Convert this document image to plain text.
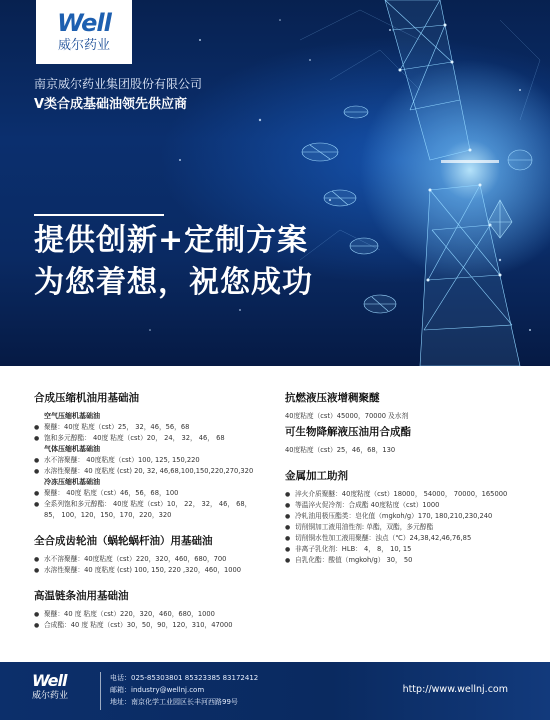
Well
威尔药业
南京威尔药业集团股份有限公司
V类合成基础油领先供应商
提供创新+定制方案
为您着想，祝您成功
合成压缩机油用基础油
空气压缩机基础油
● 聚醚：40度 粘度（cst）25， 32，46，56，68
● 饱和多元醇酯： 40度 粘度（cst）20， 24， 32， 46， 68
气体压缩机基础油
● 水不溶聚醚： 40度粘度（cst）100, 125, 150,220
● 水溶性聚醚：40 度粘度 (cst) 20, 32, 46,68,100,150,220,270,320
冷冻压缩机基础油
● 聚醚： 40度 粘度（cst）46，56，68，100
● 全系列饱和多元醇酯： 40度 粘度（cst）10， 22， 32， 46， 68，
85， 100，120，150，170，220，320
全合成齿轮油（蜗轮蜗杆油）用基础油
● 水不溶聚醚：40度粘度（cst）220，320，460，680，700
● 水溶性聚醚：40 度粘度 (cst) 100, 150, 220 ,320，460，1000
高温链条油用基础油
● 聚醚：40 度 粘度（cst）220，320，460，680，1000
● 合成酯：40 度 粘度（cst）30，50，90，120，310，47000
抗燃液压液增稠聚醚
40度粘度（cst）45000，70000 及水剂
可生物降解液压油用合成酯
40度粘度（cst）25，46，68，130
金属加工助剂
● 淬火介质聚醚：40度粘度（cst）18000， 54000， 70000，165000
● 等温淬火促冷剂：合成酯 40度粘度（cst）1000
● 冷轧油用极压酯类：皂化值（mgkoh/g）170, 180,210,230,240
● 切削铜加工液用油性剂: 单酯，双酯，多元醇酯
● 切削铜水性加工液用聚醚：浊点（℃）24,38,42,46,76,85
● 非离子乳化剂：HLB： 4， 8， 10, 15
● 自乳化酯：酸值（mgkoh/g） 30， 50
Well
威尔药业
电话：025-85303801 85323385 83172412
邮箱：industry@wellnj.com
地址：南京化学工业园区长丰河西路99号
http://www.wellnj.com
